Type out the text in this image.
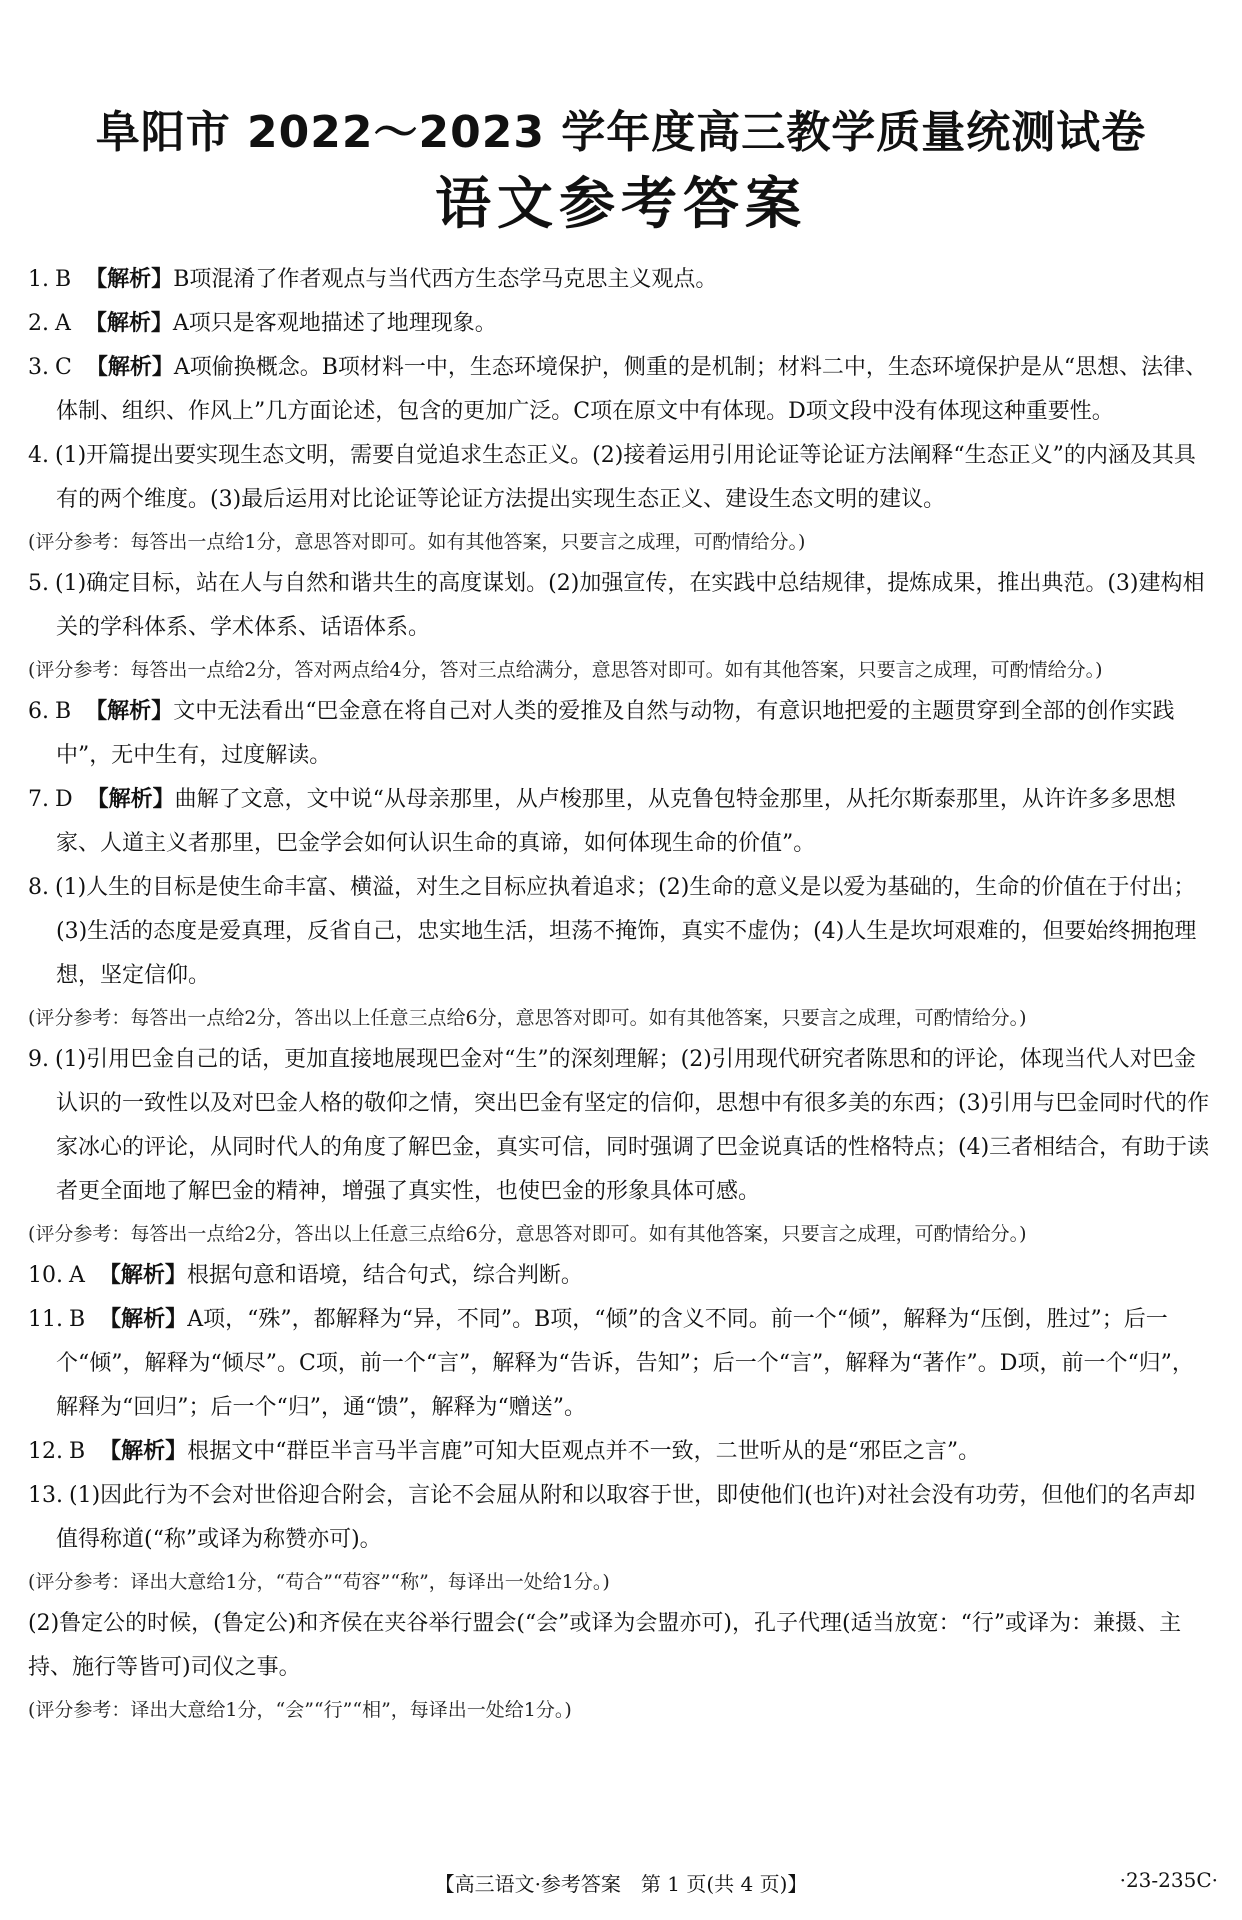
阜阳市 2022～2023 学年度高三教学质量统测试卷
语文参考答案

1. B 【解析】B项混淆了作者观点与当代西方生态学马克思主义观点。

2. A 【解析】A项只是客观地描述了地理现象。

3. C 【解析】A项偷换概念。B项材料一中，生态环境保护，侧重的是机制；材料二中，生态环境保护是从“思想、法律、体制、组织、作风上”几方面论述，包含的更加广泛。C项在原文中有体现。D项文段中没有体现这种重要性。

4. (1)开篇提出要实现生态文明，需要自觉追求生态正义。(2)接着运用引用论证等论证方法阐释“生态正义”的内涵及其具有的两个维度。(3)最后运用对比论证等论证方法提出实现生态正义、建设生态文明的建议。

(评分参考：每答出一点给1分，意思答对即可。如有其他答案，只要言之成理，可酌情给分。)

5. (1)确定目标，站在人与自然和谐共生的高度谋划。(2)加强宣传，在实践中总结规律，提炼成果，推出典范。(3)建构相关的学科体系、学术体系、话语体系。

(评分参考：每答出一点给2分，答对两点给4分，答对三点给满分，意思答对即可。如有其他答案，只要言之成理，可酌情给分。)

6. B 【解析】文中无法看出“巴金意在将自己对人类的爱推及自然与动物，有意识地把爱的主题贯穿到全部的创作实践中”，无中生有，过度解读。

7. D 【解析】曲解了文意，文中说“从母亲那里，从卢梭那里，从克鲁包特金那里，从托尔斯泰那里，从许许多多思想家、人道主义者那里，巴金学会如何认识生命的真谛，如何体现生命的价值”。

8. (1)人生的目标是使生命丰富、横溢，对生之目标应执着追求；(2)生命的意义是以爱为基础的，生命的价值在于付出；(3)生活的态度是爱真理，反省自己，忠实地生活，坦荡不掩饰，真实不虚伪；(4)人生是坎坷艰难的，但要始终拥抱理想，坚定信仰。

(评分参考：每答出一点给2分，答出以上任意三点给6分，意思答对即可。如有其他答案，只要言之成理，可酌情给分。)

9. (1)引用巴金自己的话，更加直接地展现巴金对“生”的深刻理解；(2)引用现代研究者陈思和的评论，体现当代人对巴金认识的一致性以及对巴金人格的敬仰之情，突出巴金有坚定的信仰，思想中有很多美的东西；(3)引用与巴金同时代的作家冰心的评论，从同时代人的角度了解巴金，真实可信，同时强调了巴金说真话的性格特点；(4)三者相结合，有助于读者更全面地了解巴金的精神，增强了真实性，也使巴金的形象具体可感。

(评分参考：每答出一点给2分，答出以上任意三点给6分，意思答对即可。如有其他答案，只要言之成理，可酌情给分。)

10. A 【解析】根据句意和语境，结合句式，综合判断。

11. B 【解析】A项，“殊”，都解释为“异，不同”。B项，“倾”的含义不同。前一个“倾”，解释为“压倒，胜过”；后一个“倾”，解释为“倾尽”。C项，前一个“言”，解释为“告诉，告知”；后一个“言”，解释为“著作”。D项，前一个“归”，解释为“回归”；后一个“归”，通“馈”，解释为“赠送”。

12. B 【解析】根据文中“群臣半言马半言鹿”可知大臣观点并不一致，二世听从的是“邪臣之言”。

13. (1)因此行为不会对世俗迎合附会，言论不会屈从附和以取容于世，即使他们(也许)对社会没有功劳，但他们的名声却值得称道(“称”或译为称赞亦可)。

(评分参考：译出大意给1分，“苟合”“苟容”“称”，每译出一处给1分。)

(2)鲁定公的时候，(鲁定公)和齐侯在夹谷举行盟会(“会”或译为会盟亦可)，孔子代理(适当放宽：“行”或译为：兼摄、主持、施行等皆可)司仪之事。

(评分参考：译出大意给1分，“会”“行”“相”，每译出一处给1分。)

【高三语文·参考答案　第 1 页(共 4 页)】	·23-235C·
